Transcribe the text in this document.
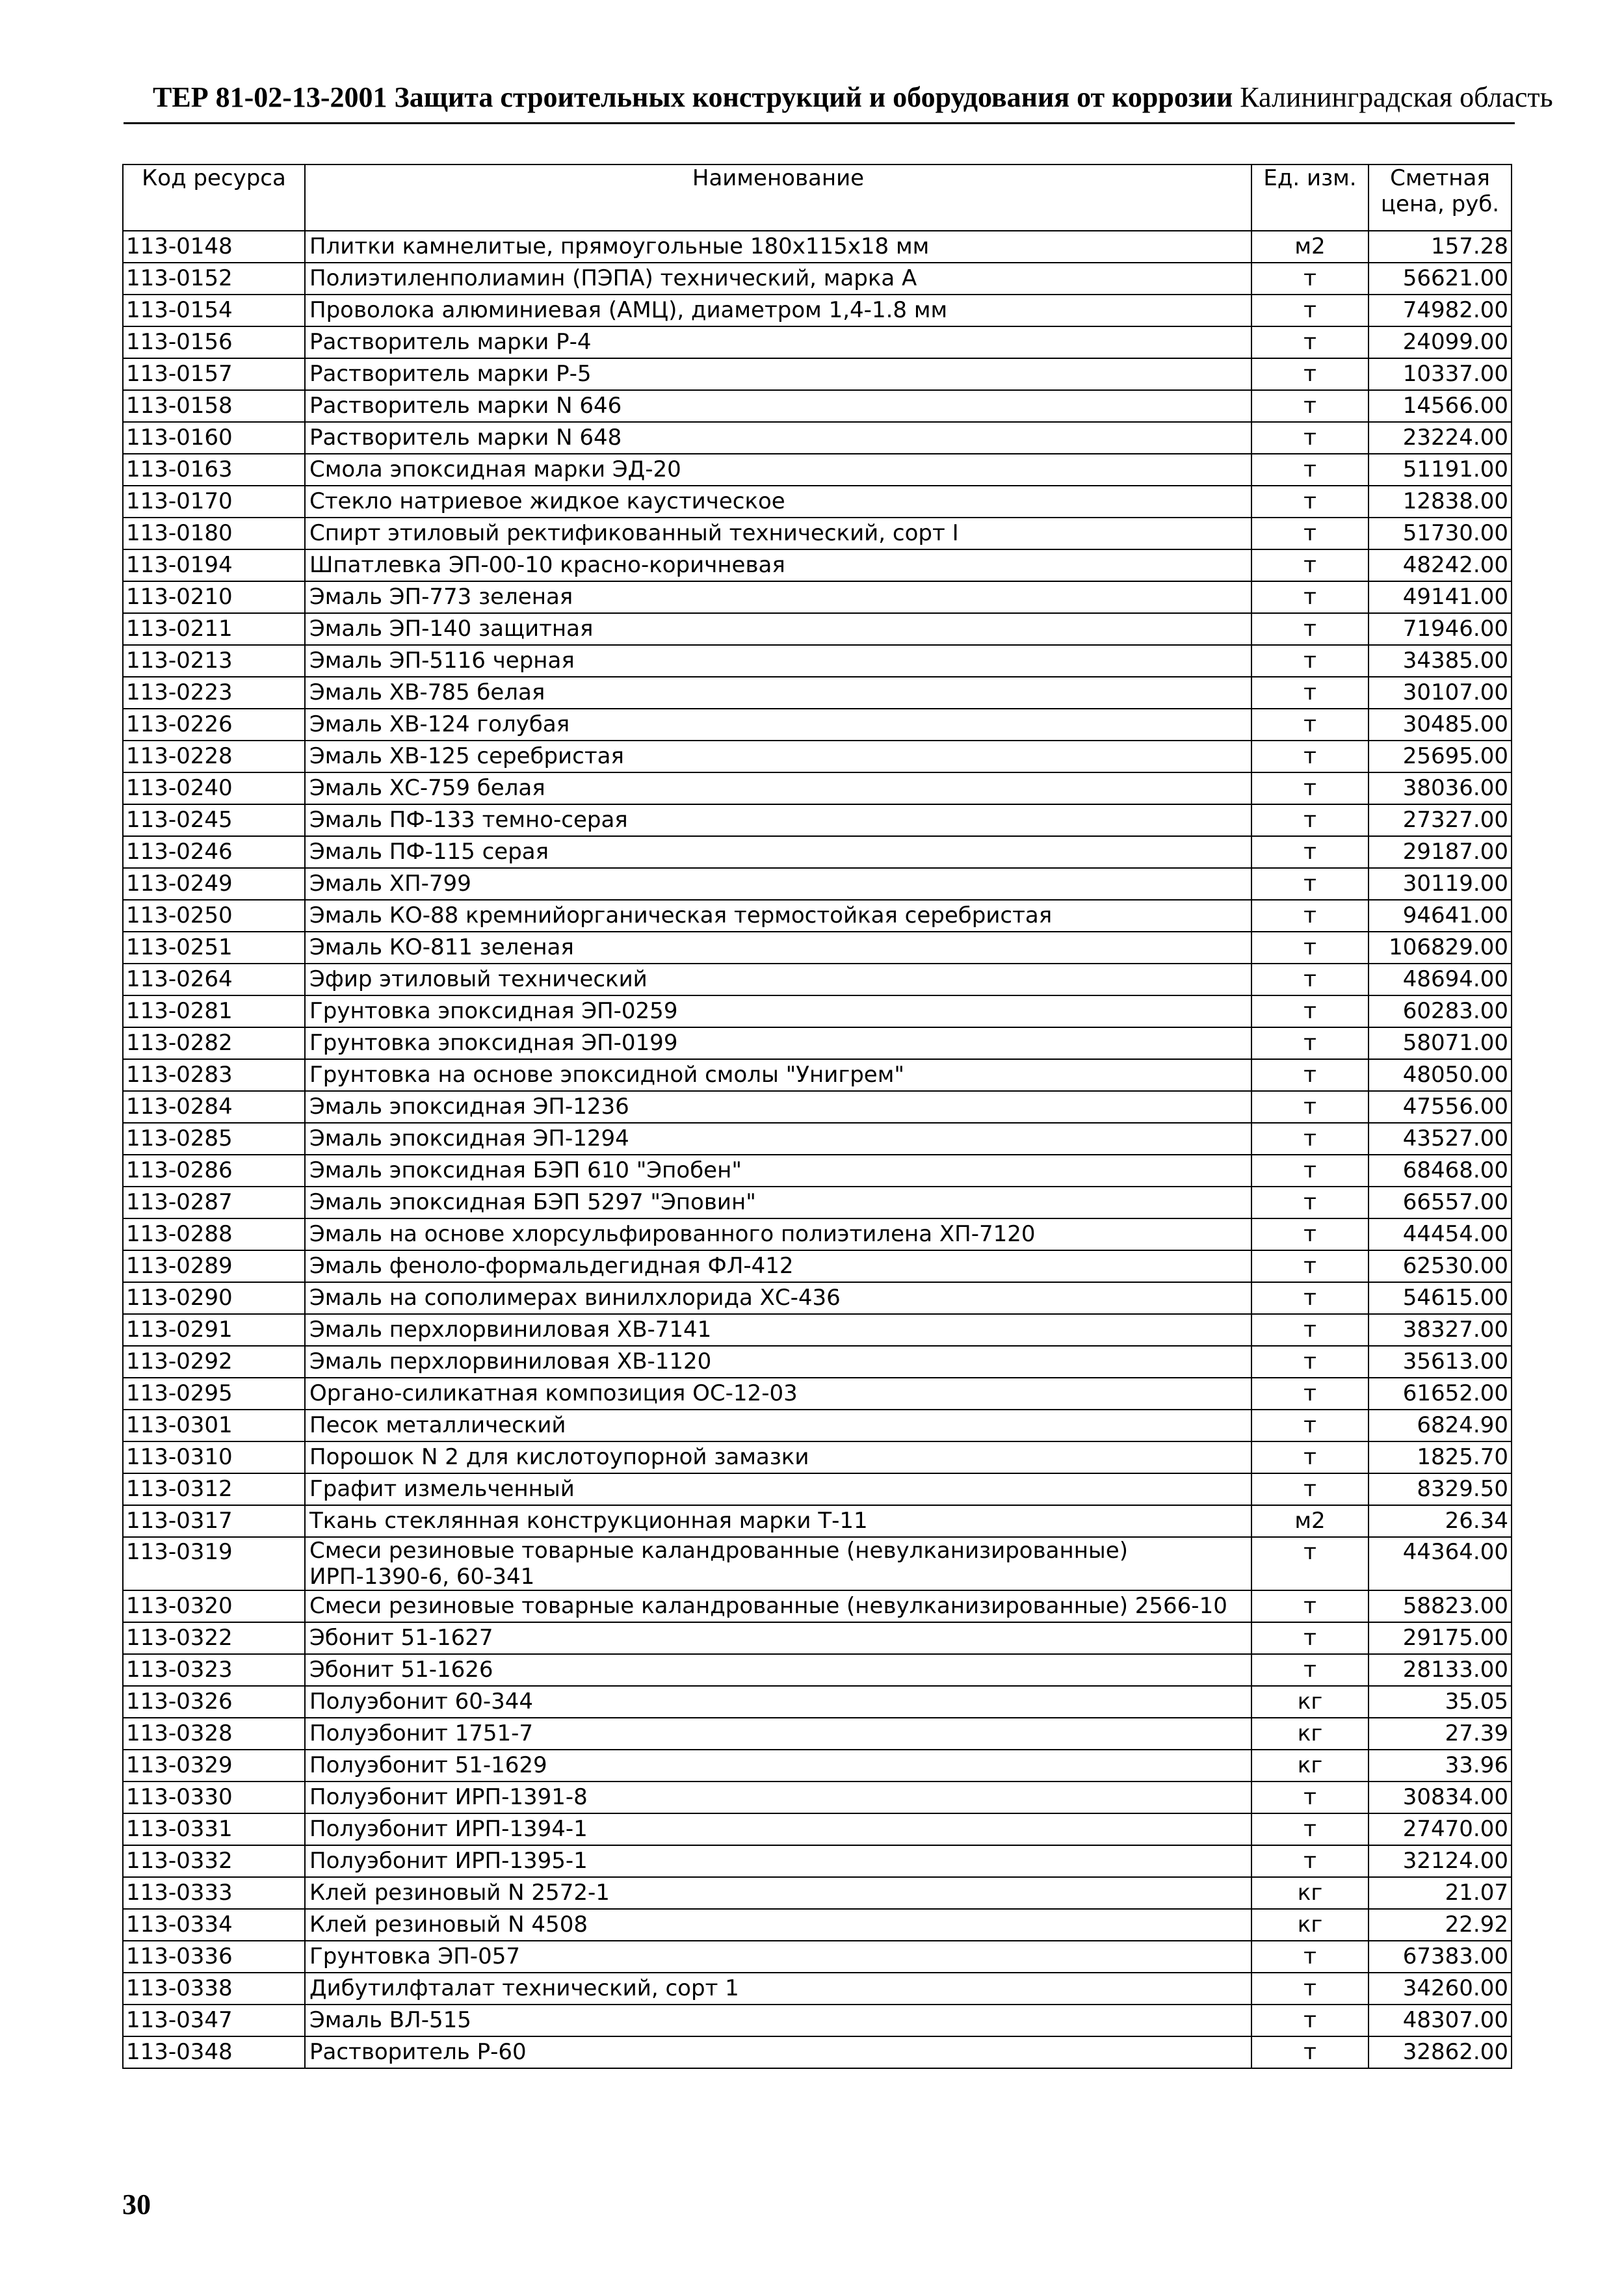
ТЕР 81-02-13-2001 Защита строительных конструкций и оборудования от коррозии Калининградская область
Код ресурса	Наименование	Ед. изм.	Сметная цена, руб.
113-0148	Плитки камнелитые, прямоугольные 180х115х18 мм	м2	157.28
113-0152	Полиэтиленполиамин (ПЭПА) технический, марка А	т	56621.00
113-0154	Проволока алюминиевая (АМЦ), диаметром 1,4-1.8 мм	т	74982.00
113-0156	Растворитель марки Р-4	т	24099.00
113-0157	Растворитель марки Р-5	т	10337.00
113-0158	Растворитель марки N 646	т	14566.00
113-0160	Растворитель марки N 648	т	23224.00
113-0163	Смола эпоксидная марки ЭД-20	т	51191.00
113-0170	Стекло натриевое жидкое каустическое	т	12838.00
113-0180	Спирт этиловый ректификованный технический, сорт I	т	51730.00
113-0194	Шпатлевка ЭП-00-10 красно-коричневая	т	48242.00
113-0210	Эмаль ЭП-773 зеленая	т	49141.00
113-0211	Эмаль ЭП-140 защитная	т	71946.00
113-0213	Эмаль ЭП-5116 черная	т	34385.00
113-0223	Эмаль ХВ-785 белая	т	30107.00
113-0226	Эмаль ХВ-124 голубая	т	30485.00
113-0228	Эмаль ХВ-125 серебристая	т	25695.00
113-0240	Эмаль ХС-759 белая	т	38036.00
113-0245	Эмаль ПФ-133 темно-серая	т	27327.00
113-0246	Эмаль ПФ-115 серая	т	29187.00
113-0249	Эмаль ХП-799	т	30119.00
113-0250	Эмаль КО-88 кремнийорганическая термостойкая серебристая	т	94641.00
113-0251	Эмаль КО-811 зеленая	т	106829.00
113-0264	Эфир этиловый технический	т	48694.00
113-0281	Грунтовка эпоксидная ЭП-0259	т	60283.00
113-0282	Грунтовка эпоксидная ЭП-0199	т	58071.00
113-0283	Грунтовка на основе эпоксидной смолы "Унигрем"	т	48050.00
113-0284	Эмаль эпоксидная ЭП-1236	т	47556.00
113-0285	Эмаль эпоксидная ЭП-1294	т	43527.00
113-0286	Эмаль эпоксидная БЭП 610 "Эпобен"	т	68468.00
113-0287	Эмаль эпоксидная БЭП 5297 "Эповин"	т	66557.00
113-0288	Эмаль на основе хлорсульфированного полиэтилена ХП-7120	т	44454.00
113-0289	Эмаль феноло-формальдегидная ФЛ-412	т	62530.00
113-0290	Эмаль на сополимерах винилхлорида ХС-436	т	54615.00
113-0291	Эмаль перхлорвиниловая ХВ-7141	т	38327.00
113-0292	Эмаль перхлорвиниловая ХВ-1120	т	35613.00
113-0295	Органо-силикатная композиция ОС-12-03	т	61652.00
113-0301	Песок металлический	т	6824.90
113-0310	Порошок N 2 для кислотоупорной замазки	т	1825.70
113-0312	Графит измельченный	т	8329.50
113-0317	Ткань стеклянная конструкционная марки Т-11	м2	26.34
113-0319	Смеси резиновые товарные каландрованные (невулканизированные) ИРП-1390-6, 60-341	т	44364.00
113-0320	Смеси резиновые товарные каландрованные (невулканизированные) 2566-10	т	58823.00
113-0322	Эбонит 51-1627	т	29175.00
113-0323	Эбонит 51-1626	т	28133.00
113-0326	Полуэбонит 60-344	кг	35.05
113-0328	Полуэбонит 1751-7	кг	27.39
113-0329	Полуэбонит 51-1629	кг	33.96
113-0330	Полуэбонит ИРП-1391-8	т	30834.00
113-0331	Полуэбонит ИРП-1394-1	т	27470.00
113-0332	Полуэбонит ИРП-1395-1	т	32124.00
113-0333	Клей резиновый N 2572-1	кг	21.07
113-0334	Клей резиновый N 4508	кг	22.92
113-0336	Грунтовка ЭП-057	т	67383.00
113-0338	Дибутилфталат технический, сорт 1	т	34260.00
113-0347	Эмаль ВЛ-515	т	48307.00
113-0348	Растворитель Р-60	т	32862.00
30
